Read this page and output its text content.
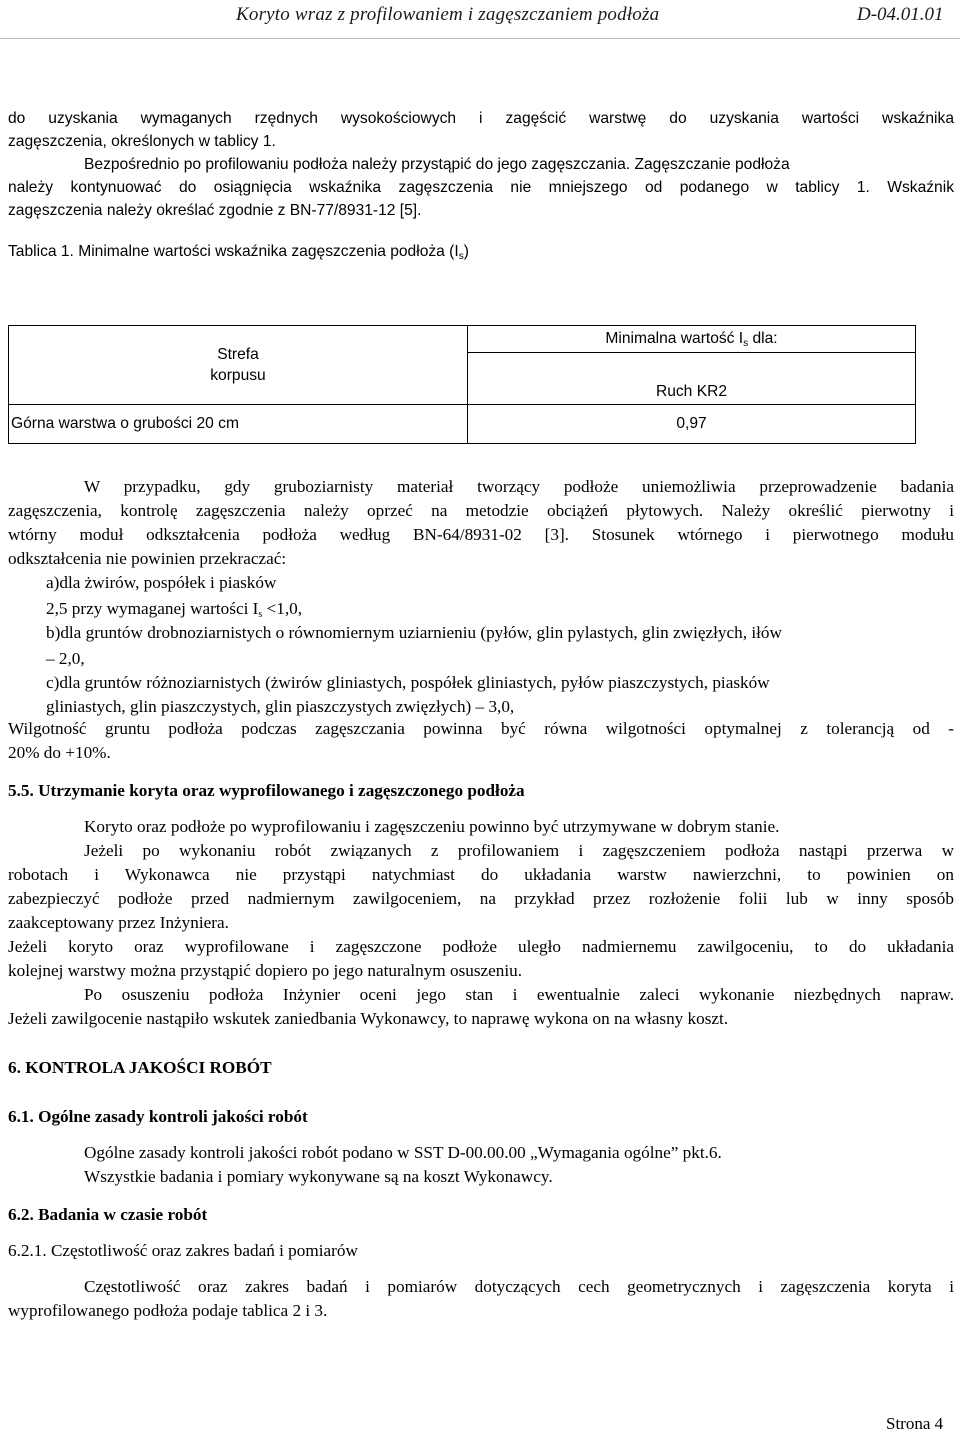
Koryto wraz z profilowaniem i zagęszczaniem podłoża	D-04.01.01
do uzyskania wymaganych rzędnych wysokościowych i zagęścić warstwę do uzyskania wartości wskaźnika
zagęszczenia, określonych w tablicy 1.
Bezpośrednio po profilowaniu podłoża należy przystąpić do jego zagęszczania. Zagęszczanie podłoża
należy kontynuować do osiągnięcia wskaźnika zagęszczenia nie mniejszego od podanego w tablicy 1. Wskaźnik
zagęszczenia należy określać zgodnie z BN-77/8931-12 [5].
Tablica 1. Minimalne wartości wskaźnika zagęszczenia podłoża $(I_s)$
Strefa
korpusu	Minimalna wartość $I_s$ dla:
	Ruch KR2
Górna warstwa o grubości 20 cm	0,97
W przypadku, gdy gruboziarnisty materiał tworzący podłoże uniemożliwia przeprowadzenie badania
zagęszczenia, kontrolę zagęszczenia należy oprzeć na metodzie obciążeń płytowych. Należy określić pierwotny i
wtórny moduł odkształcenia podłoża według BN-64/8931-02 [3]. Stosunek wtórnego i pierwotnego modułu
odkształcenia nie powinien przekraczać:
a)dla żwirów, pospółek i piasków
2,5 przy wymaganej wartości $I_s <1,0$,
b)dla gruntów drobnoziarnistych o równomiernym uziarnieniu (pyłów, glin pylastych, glin zwięzłych, iłów
– 2,0,
c)dla gruntów różnoziarnistych (żwirów gliniastych, pospółek gliniastych, pyłów piaszczystych, piasków
gliniastych, glin piaszczystych, glin piaszczystych zwięzłych) – 3,0,
Wilgotność gruntu podłoża podczas zagęszczania powinna być równa wilgotności optymalnej z tolerancją od -
20% do +10%.
5.5. Utrzymanie koryta oraz wyprofilowanego i zagęszczonego podłoża
Koryto oraz podłoże po wyprofilowaniu i zagęszczeniu powinno być utrzymywane w dobrym stanie.
Jeżeli po wykonaniu robót związanych z profilowaniem i zagęszczeniem podłoża nastąpi przerwa w
robotach i Wykonawca nie przystąpi natychmiast do układania warstw nawierzchni, to powinien on
zabezpieczyć podłoże przed nadmiernym zawilgoceniem, na przykład przez rozłożenie folii lub w inny sposób
zaakceptowany przez Inżyniera.
Jeżeli koryto oraz wyprofilowane i zagęszczone podłoże uległo nadmiernemu zawilgoceniu, to do układania
kolejnej warstwy można przystąpić dopiero po jego naturalnym osuszeniu.
Po osuszeniu podłoża Inżynier oceni jego stan i ewentualnie zaleci wykonanie niezbędnych napraw.
Jeżeli zawilgocenie nastąpiło wskutek zaniedbania Wykonawcy, to naprawę wykona on na własny koszt.
6. KONTROLA JAKOŚCI ROBÓT
6.1. Ogólne zasady kontroli jakości robót
Ogólne zasady kontroli jakości robót podano w SST D-00.00.00 „Wymagania ogólne” pkt.6.
Wszystkie badania i pomiary wykonywane są na koszt Wykonawcy.
6.2. Badania w czasie robót
6.2.1. Częstotliwość oraz zakres badań i pomiarów
Częstotliwość oraz zakres badań i pomiarów dotyczących cech geometrycznych i zagęszczenia koryta i
wyprofilowanego podłoża podaje tablica 2 i 3.
Strona 4
